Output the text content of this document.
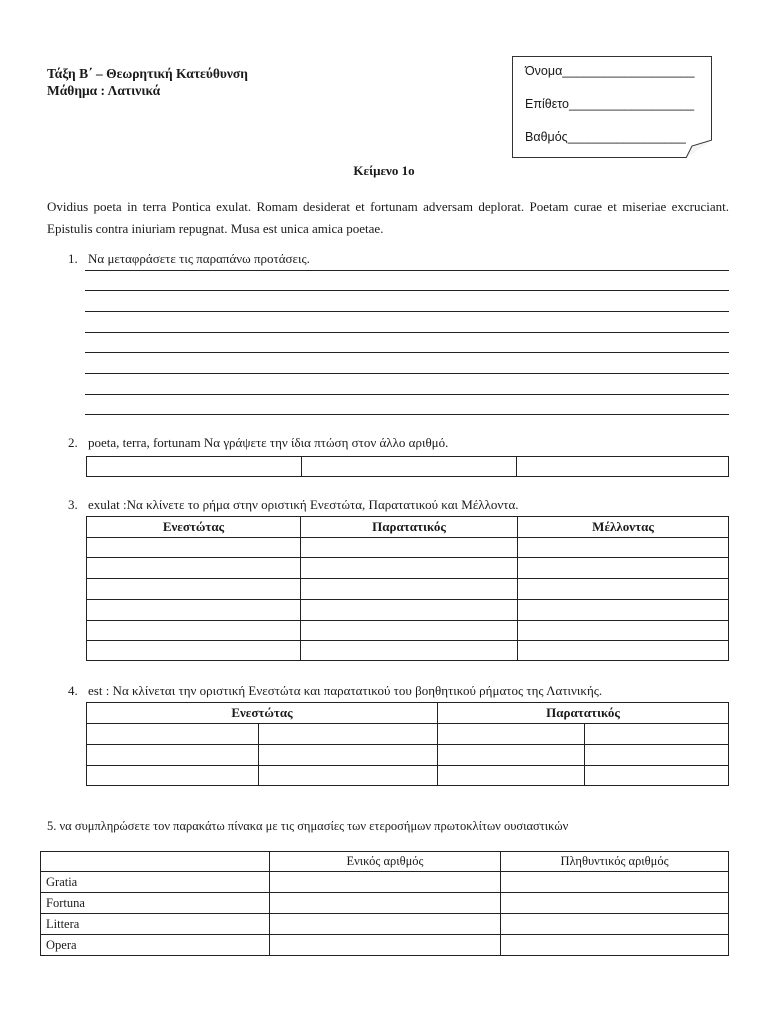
Τάξη Β΄ – Θεωρητική Κατεύθυνση
Μάθημα : Λατινικά
Όνομα___________________
Επίθετο__________________
Βαθμός_________________
Κείμενο 1ο
Ovidius poeta in terra Pontica exulat. Romam desiderat et fortunam adversam deplorat. Poetam curae et miseriae excruciant. Epistulis contra iniuriam repugnat. Musa est unica amica poetae.
1. Να μεταφράσετε τις παραπάνω προτάσεις.
2. poeta, terra, fortunam Να γράψετε την ίδια πτώση στον άλλο αριθμό.

3. exulat :Να κλίνετε το ρήμα στην οριστική Ενεστώτα, Παρατατικού και Μέλλοντα.
Ενεστώτας	Παρατατικός	Μέλλοντας

4. est : Να κλίνεται την οριστική Ενεστώτα και παρατατικού του βοηθητικού ρήματος της Λατινικής.
Ενεστώτας		Παρατατικός	

5. να συμπληρώσετε τον παρακάτω πίνακα με τις σημασίες των ετεροσήμων πρωτοκλίτων ουσιαστικών
	Ενικός αριθμός	Πληθυντικός αριθμός
Gratia		
Fortuna		
Littera		
Opera		
